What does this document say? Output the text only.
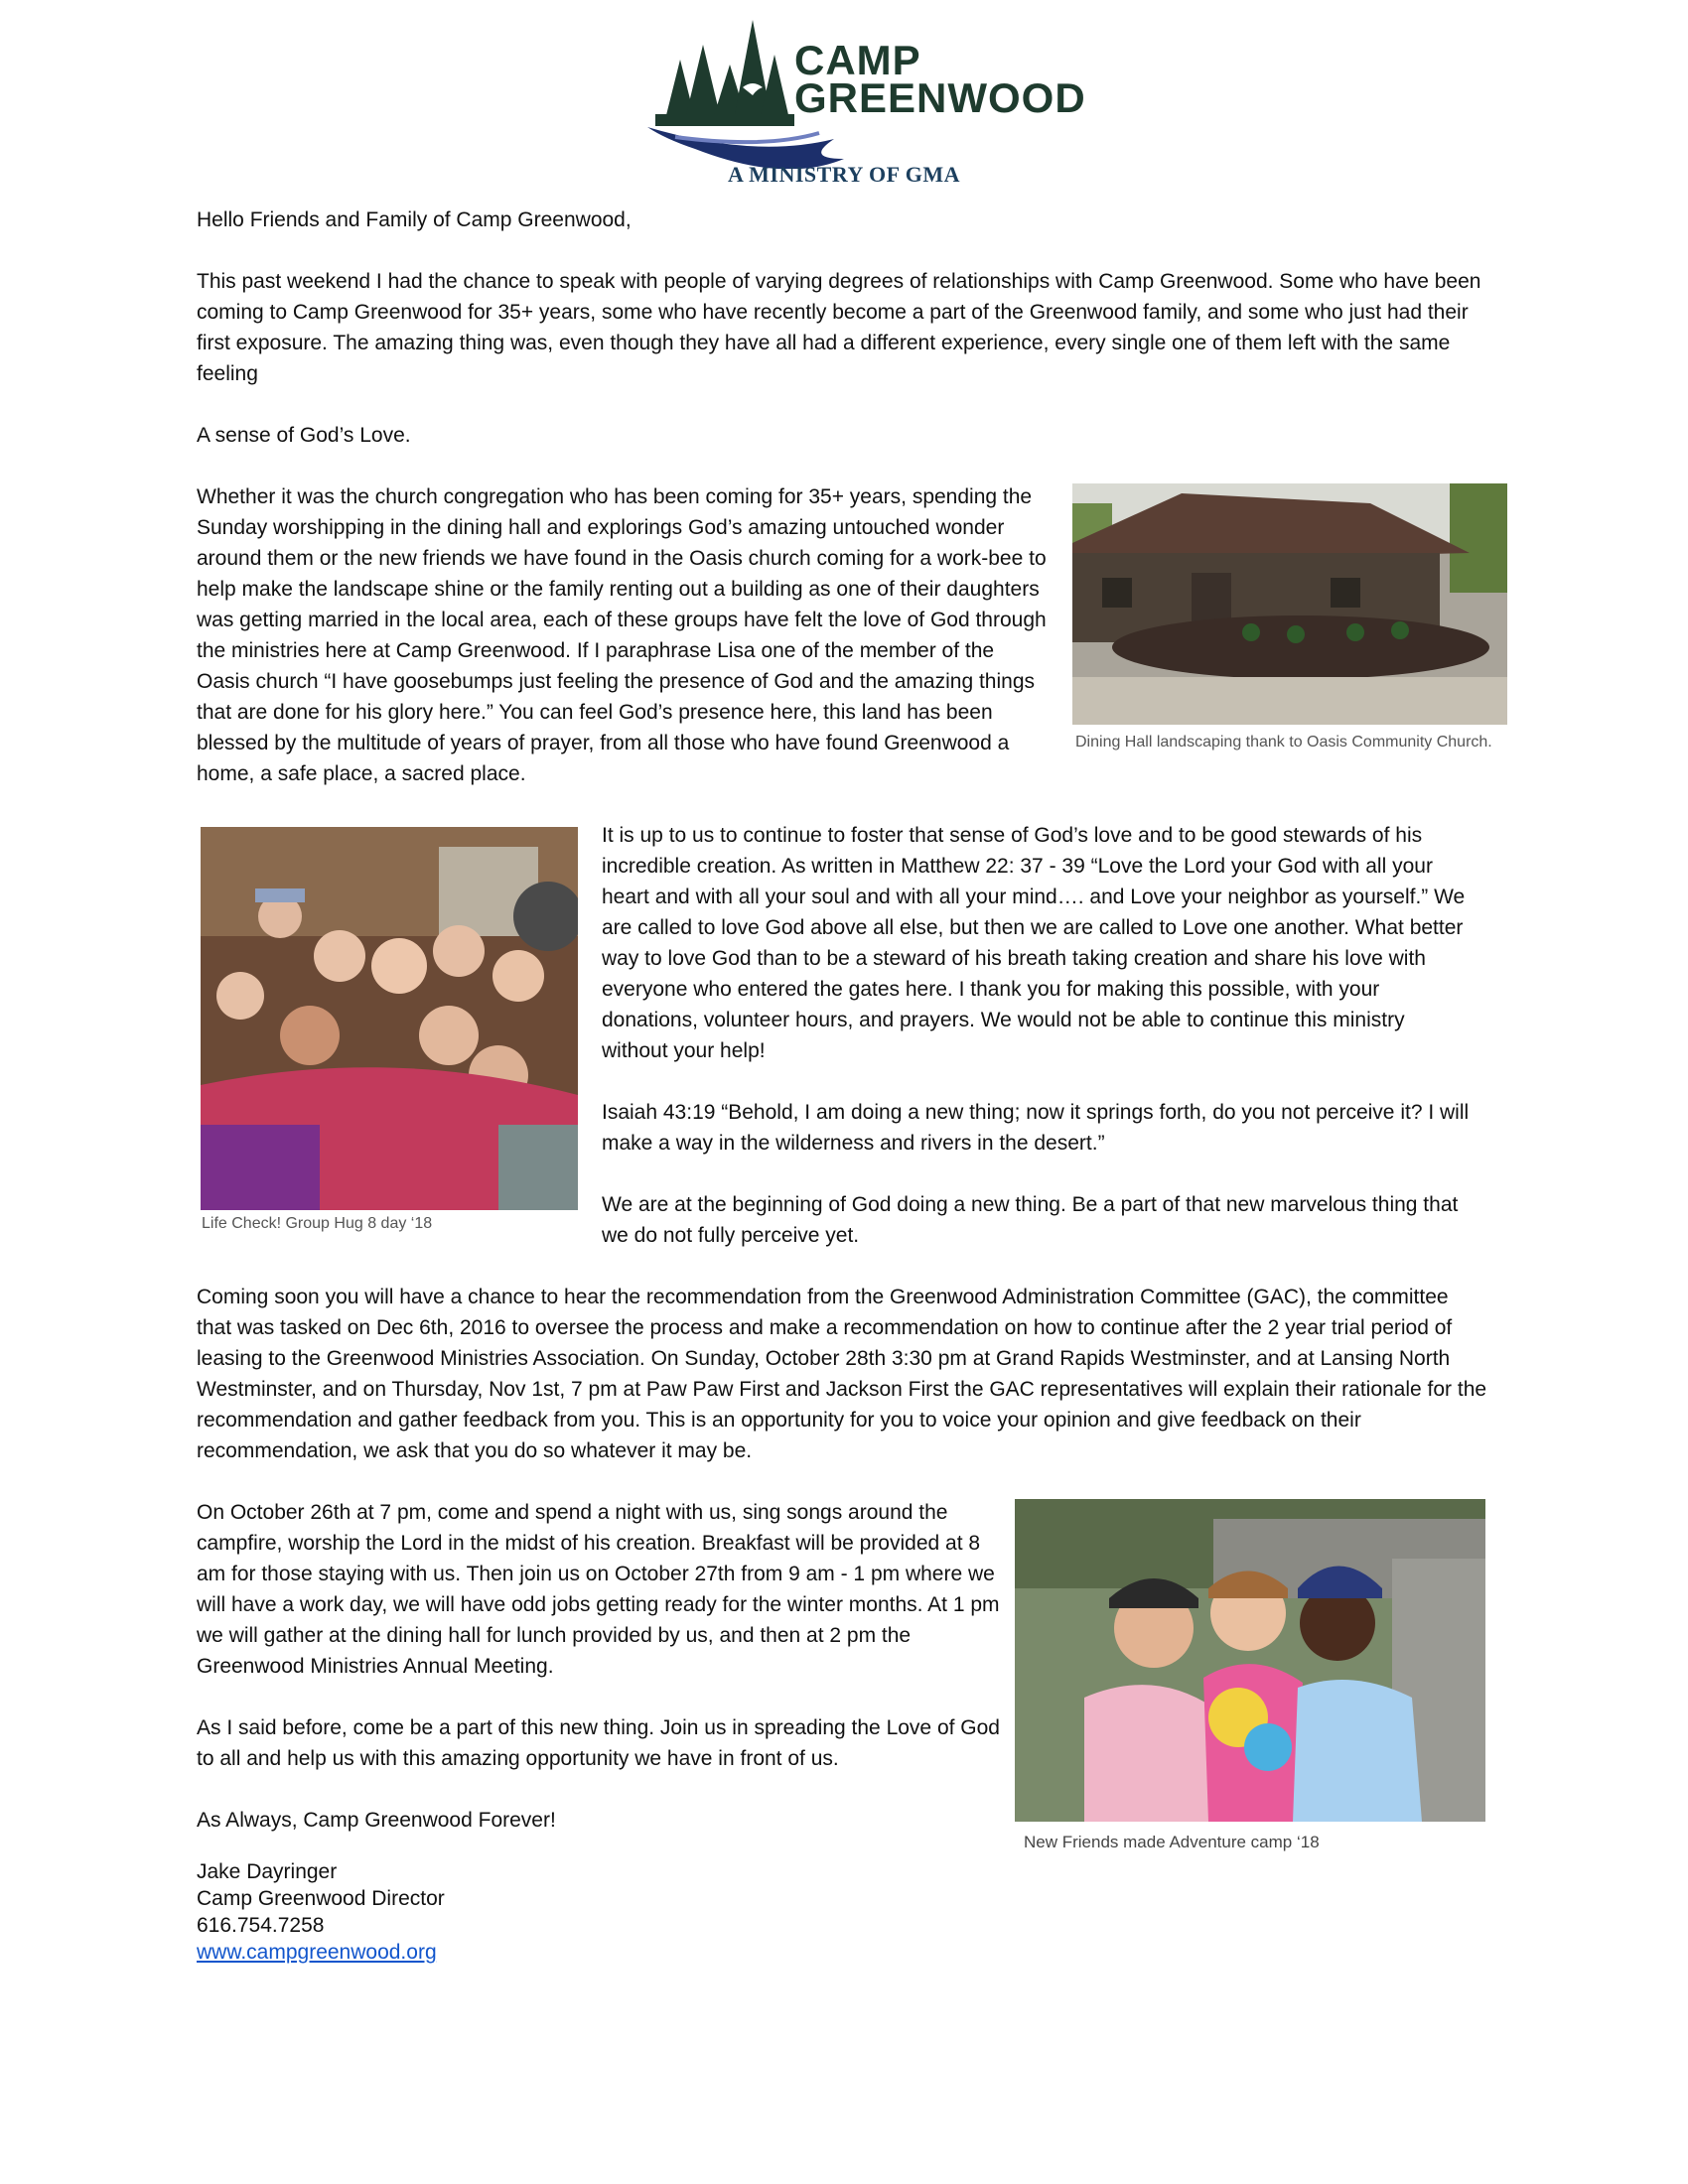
CAMP
GREENWOOD
A MINISTRY OF GMA

Hello Friends and Family of Camp Greenwood,

This past weekend I had the chance to speak with people of varying degrees of relationships with Camp Greenwood. Some who have been coming to Camp Greenwood for 35+ years, some who have recently become a part of the Greenwood family, and some who just had their first exposure. The amazing thing was, even though they have all had a different experience, every single one of them left with the same feeling

A sense of God’s Love.

Whether it was the church congregation who has been coming for 35+ years, spending the Sunday worshipping in the dining hall and explorings God’s amazing untouched wonder around them or the new friends we have found in the Oasis church coming for a work-bee to help make the landscape shine or the family renting out a building as one of their daughters was getting married in the local area, each of these groups have felt the love of God through the ministries here at Camp Greenwood. If I paraphrase Lisa one of the member of the Oasis church “I have goosebumps just feeling the presence of God and the amazing things that are done for his glory here.” You can feel God’s presence here, this land has been blessed by the multitude of years of prayer, from all those who have found Greenwood a home, a safe place, a sacred place.

Dining Hall landscaping thank to Oasis Community Church.

Life Check! Group Hug 8 day ‘18

It is up to us to continue to foster that sense of God’s love and to be good stewards of his incredible creation. As written in Matthew 22: 37 - 39 “Love the Lord your God with all your heart and with all your soul and with all your mind…. and Love your neighbor as yourself.” We are called to love God above all else, but then we are called to Love one another. What better way to love God than to be a steward of his breath taking creation and share his love with everyone who entered the gates here. I thank you for making this possible, with your donations, volunteer hours, and prayers. We would not be able to continue this ministry without your help!

Isaiah 43:19 “Behold, I am doing a new thing; now it springs forth, do you not perceive it? I will make a way in the wilderness and rivers in the desert.”

We are at the beginning of God doing a new thing. Be a part of that new marvelous thing that we do not fully perceive yet.

Coming soon you will have a chance to hear the recommendation from the Greenwood Administration Committee (GAC), the committee that was tasked on Dec 6th, 2016 to oversee the process and make a recommendation on how to continue after the 2 year trial period of leasing to the Greenwood Ministries Association. On Sunday, October 28th 3:30 pm at Grand Rapids Westminster, and at Lansing North Westminster, and on Thursday, Nov 1st, 7 pm at Paw Paw First and Jackson First the GAC representatives will explain their rationale for the recommendation and gather feedback from you. This is an opportunity for you to voice your opinion and give feedback on their recommendation, we ask that you do so whatever it may be.

On October 26th at 7 pm, come and spend a night with us, sing songs around the campfire, worship the Lord in the midst of his creation. Breakfast will be provided at 8 am for those staying with us. Then join us on October 27th from 9 am - 1 pm where we will have a work day, we will have odd jobs getting ready for the winter months. At 1 pm we will gather at the dining hall for lunch provided by us, and then at 2 pm the Greenwood Ministries Annual Meeting.

As I said before, come be a part of this new thing. Join us in spreading the Love of God to all and help us with this amazing opportunity we have in front of us.

As Always, Camp Greenwood Forever!

New Friends made Adventure camp ‘18

Jake Dayringer
Camp Greenwood Director
616.754.7258
www.campgreenwood.org
